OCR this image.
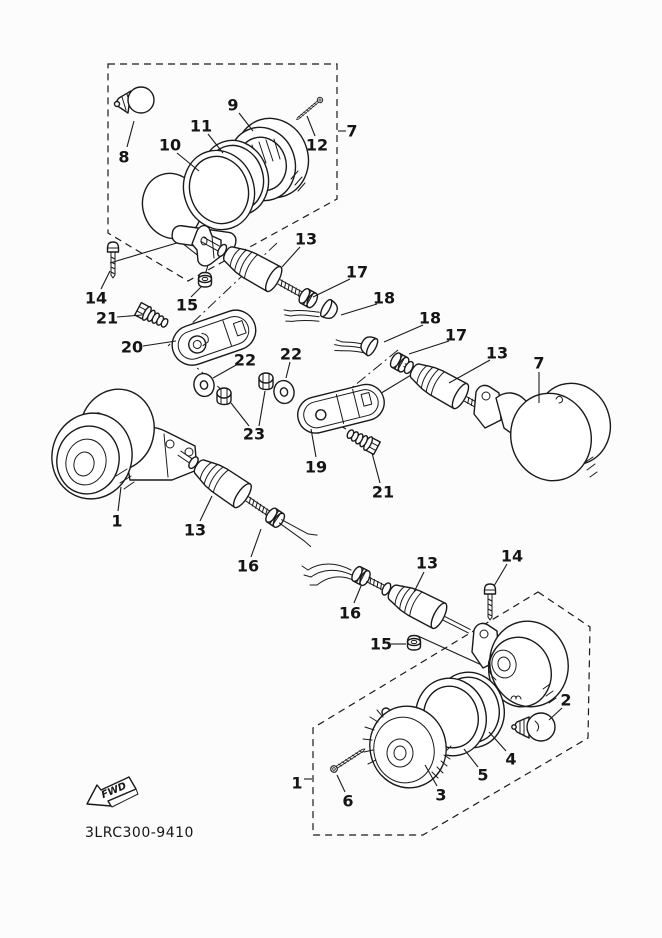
FWD
3LRC300-9410
8
10
11
9
12
7
13
17
18
14	15
21
20
22 22
23
18
17
13
7
19
21
1	13
16
16
13	14
15
2
4
5
3
6
1
